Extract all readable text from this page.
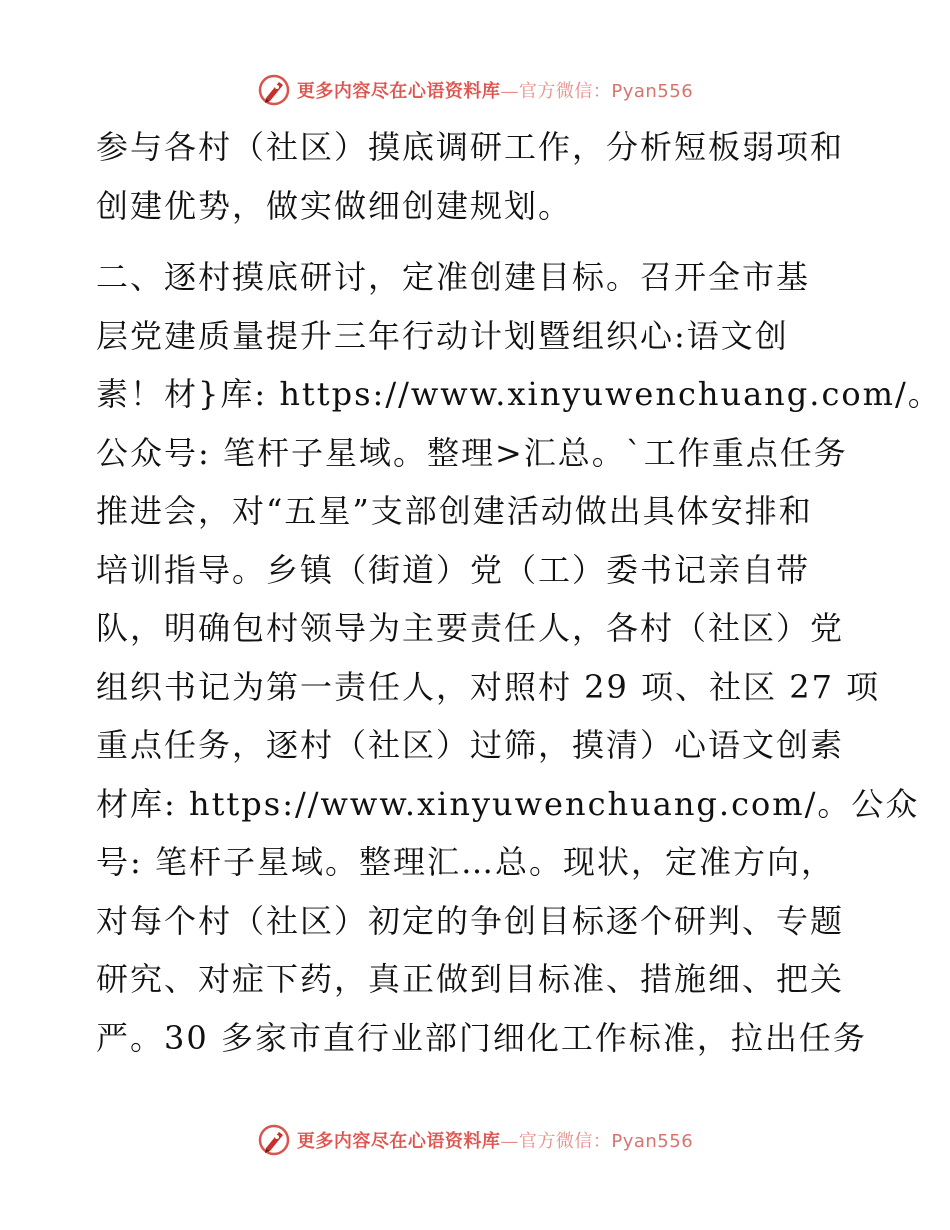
更多内容尽在心语资料库—官方微信：Pyan556
参与各村（社区）摸底调研工作，分析短板弱项和
创建优势，做实做细创建规划。
二、逐村摸底研讨，定准创建目标。召开全市基
层党建质量提升三年行动计划暨组织心:语文创
素！材}库: https://www.xinyuwenchuang.com/。
公众号: 笔杆子星域。整理>汇总。`工作重点任务
推进会，对“五星”支部创建活动做出具体安排和
培训指导。乡镇（街道）党（工）委书记亲自带
队，明确包村领导为主要责任人，各村（社区）党
组织书记为第一责任人，对照村 29 项、社区 27 项
重点任务，逐村（社区）过筛，摸清）心语文创素
材库: https://www.xinyuwenchuang.com/。公众
号: 笔杆子星域。整理汇…总。现状，定准方向，
对每个村（社区）初定的争创目标逐个研判、专题
研究、对症下药，真正做到目标准、措施细、把关
严。30 多家市直行业部门细化工作标准，拉出任务
更多内容尽在心语资料库—官方微信：Pyan556
